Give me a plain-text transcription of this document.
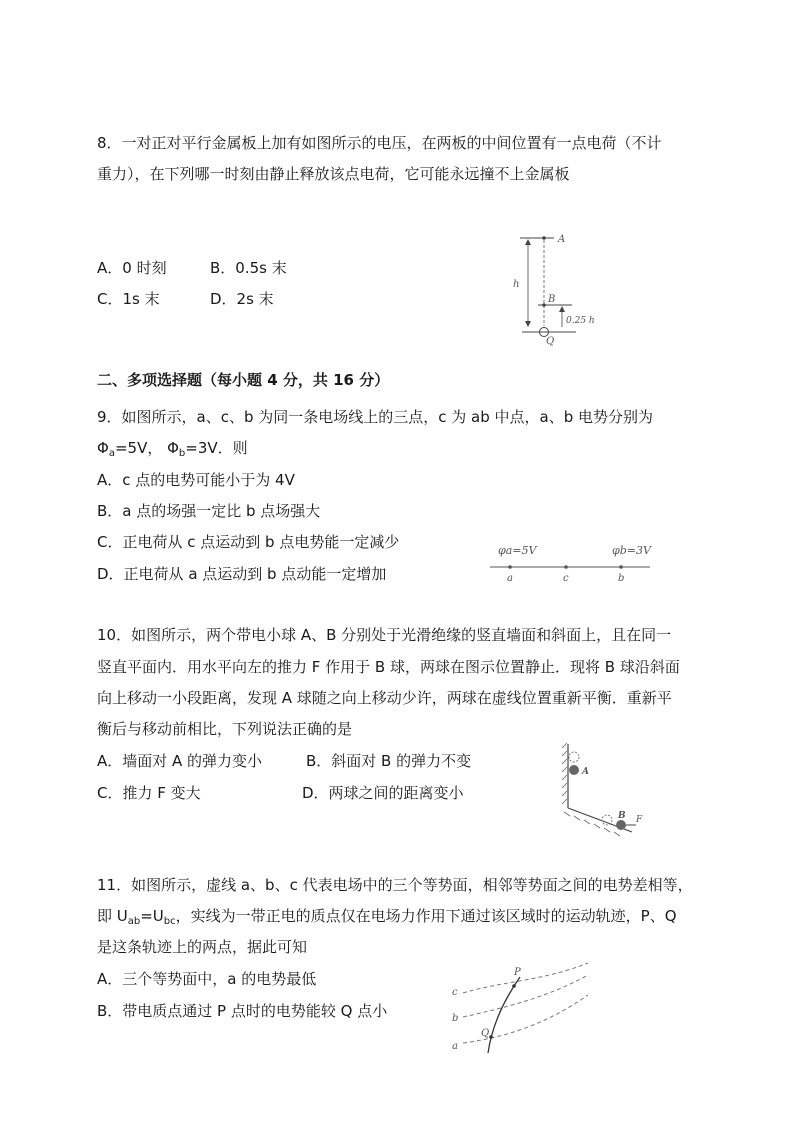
8．一对正对平行金属板上加有如图所示的电压，在两板的中间位置有一点电荷（不计
重力），在下列哪一时刻由静止释放该点电荷，它可能永远撞不上金属板
A．0 时刻	B．0.5s 末
C．1s 末	D．2s 末
A
h
B
0.25 h
Q
二、多项选择题（每小题 4 分，共 16 分）
9．如图所示，a、c、b 为同一条电场线上的三点，c 为 ab 中点，a、b 电势分别为
$\Phi_a=5V$， $\Phi_b=3V$．则
A．c 点的电势可能小于为 4V
B．a 点的场强一定比 b 点场强大
C．正电荷从 c 点运动到 b 点电势能一定减少
D．正电荷从 a 点运动到 b 点动能一定增加
φa=5V	φb=3V
a	c	b
10．如图所示，两个带电小球 A、B 分别处于光滑绝缘的竖直墙面和斜面上，且在同一
竖直平面内．用水平向左的推力 F 作用于 B 球，两球在图示位置静止．现将 B 球沿斜面
向上移动一小段距离，发现 A 球随之向上移动少许，两球在虚线位置重新平衡．重新平
衡后与移动前相比，下列说法正确的是
A．墙面对 A 的弹力变小	B．斜面对 B 的弹力不变
C．推力 F 变大	D．两球之间的距离变小
A
B F
11．如图所示，虚线 a、b、c 代表电场中的三个等势面，相邻等势面之间的电势差相等，
即 $U_{ab}=U_{bc}$，实线为一带正电的质点仅在电场力作用下通过该区域时的运动轨迹，P、Q
是这条轨迹上的两点，据此可知
A．三个等势面中，a 的电势最低
B．带电质点通过 P 点时的电势能较 Q 点小
P
Q
c
b
a
